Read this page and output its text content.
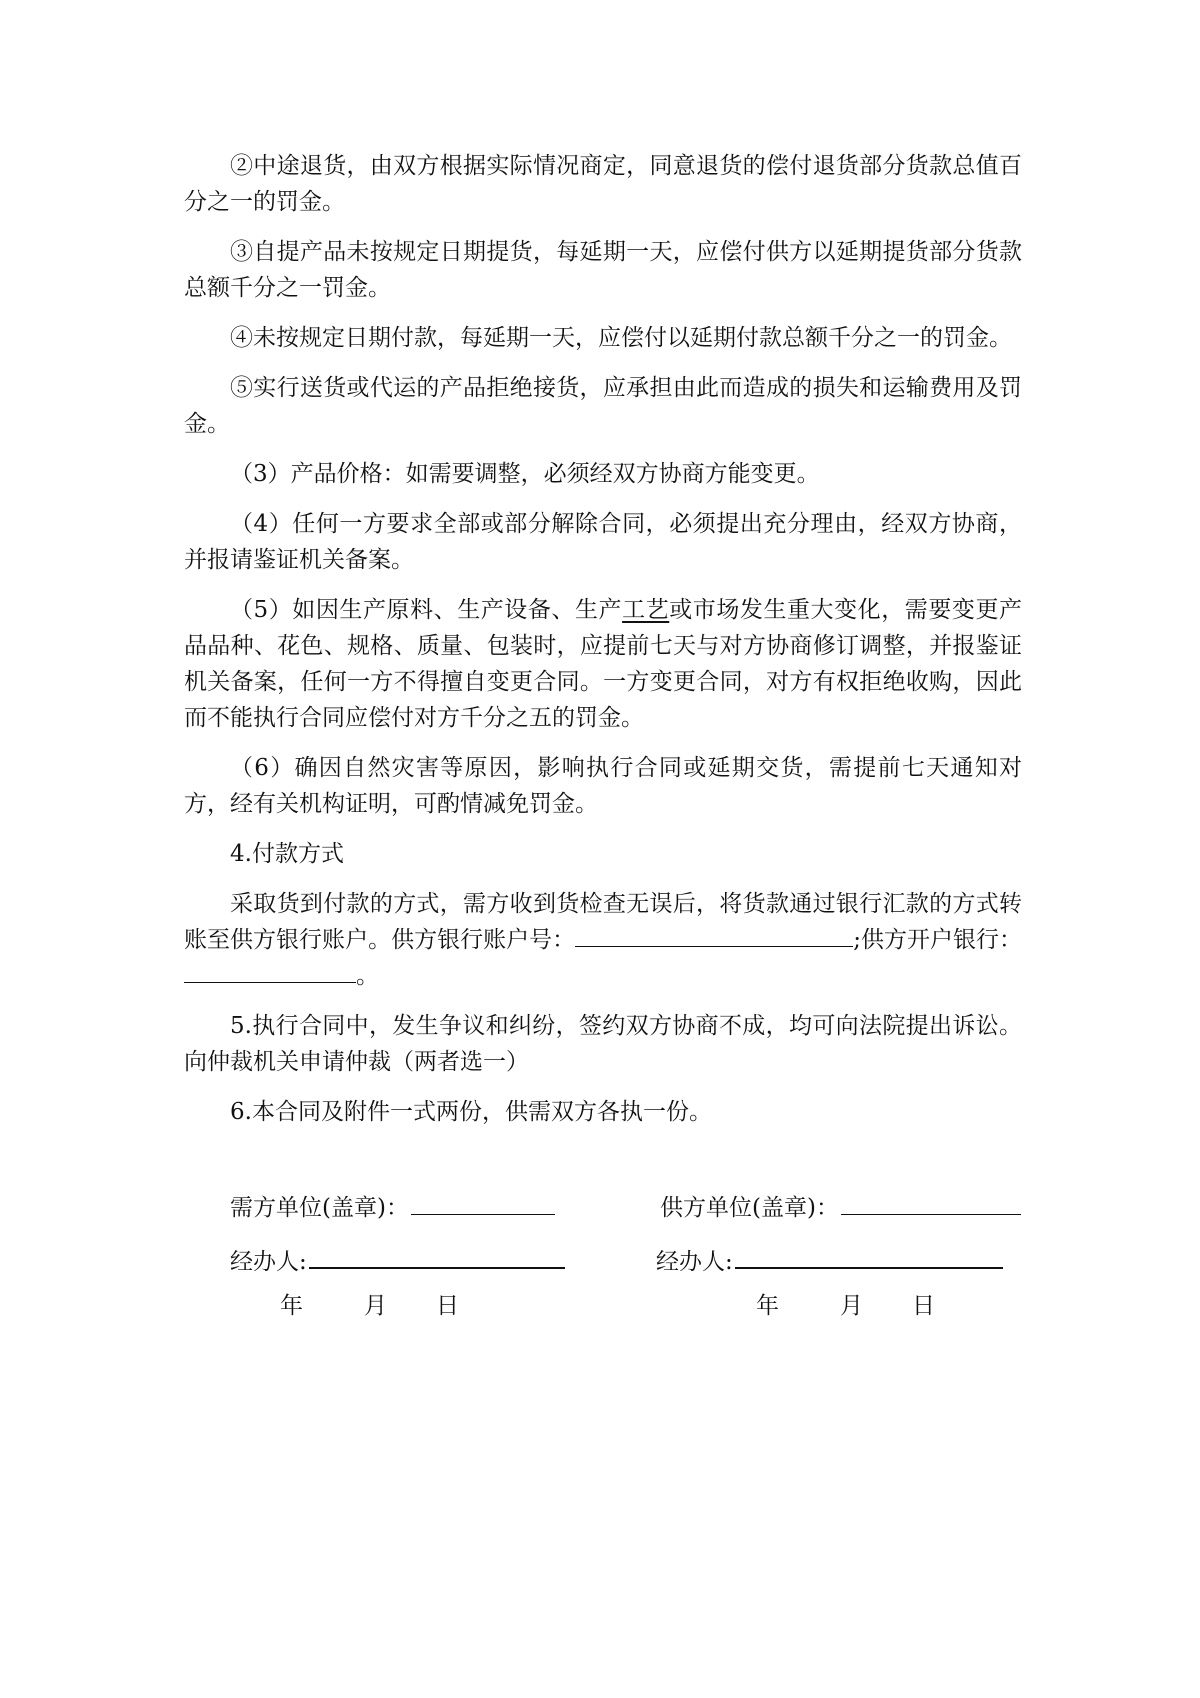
②中途退货，由双方根据实际情况商定，同意退货的偿付退货部分货款总值百分之一的罚金。

③自提产品未按规定日期提货，每延期一天，应偿付供方以延期提货部分货款总额千分之一罚金。

④未按规定日期付款，每延期一天，应偿付以延期付款总额千分之一的罚金。

⑤实行送货或代运的产品拒绝接货，应承担由此而造成的损失和运输费用及罚金。

（3）产品价格：如需要调整，必须经双方协商方能变更。

（4）任何一方要求全部或部分解除合同，必须提出充分理由，经双方协商，并报请鉴证机关备案。

（5）如因生产原料、生产设备、生产工艺或市场发生重大变化，需要变更产品品种、花色、规格、质量、包装时，应提前七天与对方协商修订调整，并报鉴证机关备案，任何一方不得擅自变更合同。一方变更合同，对方有权拒绝收购，因此而不能执行合同应偿付对方千分之五的罚金。

（6）确因自然灾害等原因，影响执行合同或延期交货，需提前七天通知对方，经有关机构证明，可酌情减免罚金。

4.付款方式

采取货到付款的方式，需方收到货检查无误后，将货款通过银行汇款的方式转账至供方银行账户。供方银行账户号：	;供方开户银行：。

5.执行合同中，发生争议和纠纷，签约双方协商不成，均可向法院提出诉讼。向仲裁机关申请仲裁（两者选一）

6.本合同及附件一式两份，供需双方各执一份。

需方单位(盖章)：	供方单位(盖章)：
经办人:	经办人:
年	月 日	年	月 日
